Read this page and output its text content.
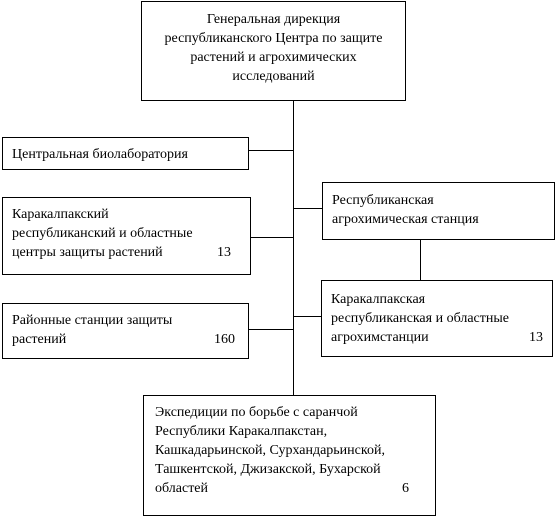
Генеральная дирекция республиканского Центра по защите растений и агрохимических исследований
Центральная биолаборатория
Каракалпакский
республиканский и областные
центры защиты растений	13
Районные станции защиты
растений	160
Республиканская
агрохимическая станция
Каракалпакская
республиканская и областные
агрохимстанции	13
Экспедиции по борьбе с саранчой
Республики Каракалпакстан,
Кашкадарьинской, Сурхандарьинской,
Ташкентской, Джизакской, Бухарской
областей	6
